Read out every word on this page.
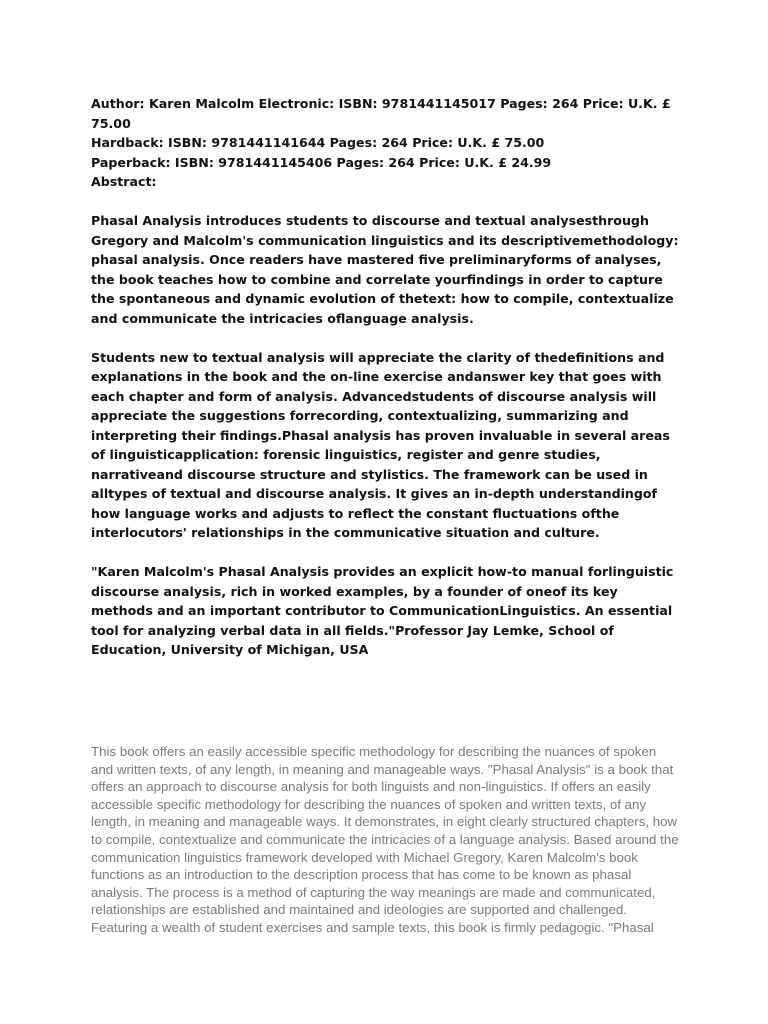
Author: Karen Malcolm Electronic: ISBN: 9781441145017 Pages: 264 Price: U.K. £ 75.00
Hardback: ISBN: 9781441141644 Pages: 264 Price: U.K. £ 75.00
Paperback: ISBN: 9781441145406 Pages: 264 Price: U.K. £ 24.99
Abstract:

Phasal Analysis introduces students to discourse and textual analysesthrough Gregory and Malcolm's communication linguistics and its descriptivemethodology: phasal analysis. Once readers have mastered five preliminaryforms of analyses, the book teaches how to combine and correlate yourfindings in order to capture the spontaneous and dynamic evolution of thetext: how to compile, contextualize and communicate the intricacies oflanguage analysis.

Students new to textual analysis will appreciate the clarity of thedefinitions and explanations in the book and the on-line exercise andanswer key that goes with each chapter and form of analysis. Advancedstudents of discourse analysis will appreciate the suggestions forrecording, contextualizing, summarizing and interpreting their findings.Phasal analysis has proven invaluable in several areas of linguisticapplication: forensic linguistics, register and genre studies, narrativeand discourse structure and stylistics. The framework can be used in alltypes of textual and discourse analysis. It gives an in-depth understandingof how language works and adjusts to reflect the constant fluctuations ofthe interlocutors' relationships in the communicative situation and culture.

"Karen Malcolm's Phasal Analysis provides an explicit how-to manual forlinguistic discourse analysis, rich in worked examples, by a founder of oneof its key methods and an important contributor to CommunicationLinguistics. An essential tool for analyzing verbal data in all fields."Professor Jay Lemke, School of Education, University of Michigan, USA

This book offers an easily accessible specific methodology for describing the nuances of spoken and written texts, of any length, in meaning and manageable ways. "Phasal Analysis" is a book that offers an approach to discourse analysis for both linguists and non-linguistics. If offers an easily accessible specific methodology for describing the nuances of spoken and written texts, of any length, in meaning and manageable ways. It demonstrates, in eight clearly structured chapters, how to compile, contextualize and communicate the intricacies of a language analysis. Based around the communication linguistics framework developed with Michael Gregory, Karen Malcolm's book functions as an introduction to the description process that has come to be known as phasal analysis. The process is a method of capturing the way meanings are made and communicated, relationships are established and maintained and ideologies are supported and challenged. Featuring a wealth of student exercises and sample texts, this book is firmly pedagogic. "Phasal
